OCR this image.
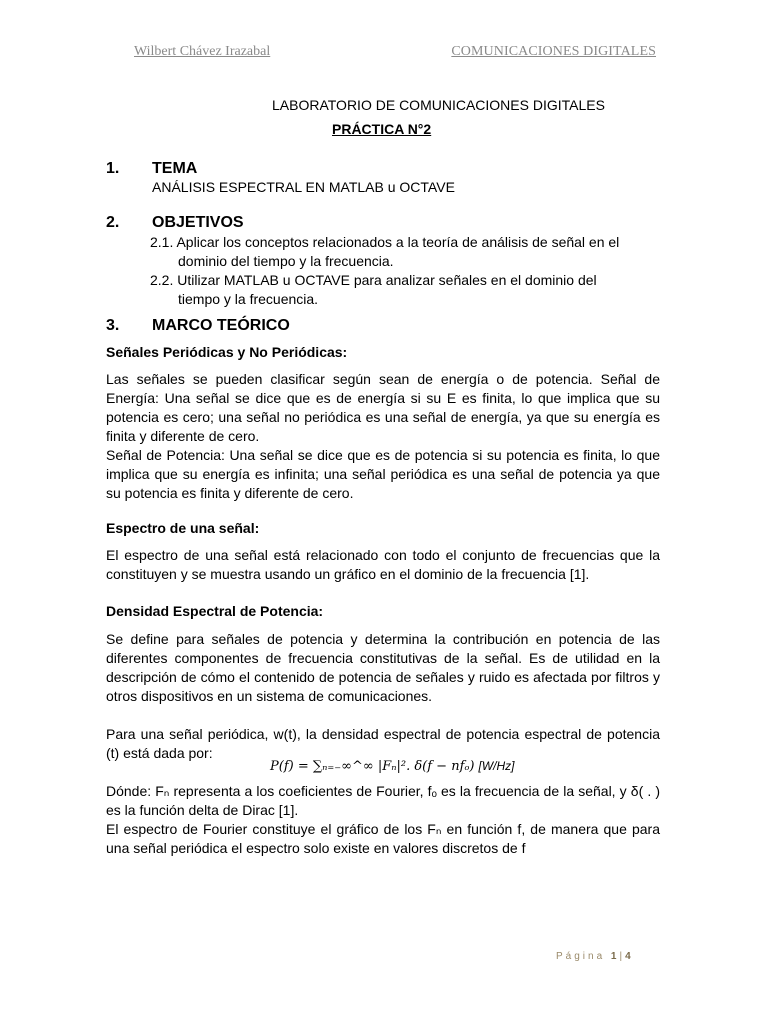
Wilbert Chávez Irazabal	COMUNICACIONES DIGITALES
LABORATORIO DE COMUNICACIONES DIGITALES
PRÁCTICA N°2
1. TEMA
ANÁLISIS ESPECTRAL EN MATLAB u OCTAVE
2. OBJETIVOS
2.1. Aplicar los conceptos relacionados a la teoría de análisis de señal en el
dominio del tiempo y la frecuencia.
2.2. Utilizar MATLAB u OCTAVE para analizar señales en el dominio del
tiempo y la frecuencia.
3. MARCO TEÓRICO
Señales Periódicas y No Periódicas:
Las señales se pueden clasificar según sean de energía o de potencia. Señal de Energía: Una señal se dice que es de energía si su E es finita, lo que implica que su potencia es cero; una señal no periódica es una señal de energía, ya que su energía es finita y diferente de cero.
Señal de Potencia: Una señal se dice que es de potencia si su potencia es finita, lo que implica que su energía es infinita; una señal periódica es una señal de potencia ya que su potencia es finita y diferente de cero.
Espectro de una señal:
El espectro de una señal está relacionado con todo el conjunto de frecuencias que la constituyen y se muestra usando un gráfico en el dominio de la frecuencia [1].
Densidad Espectral de Potencia:
Se define para señales de potencia y determina la contribución en potencia de las diferentes componentes de frecuencia constitutivas de la señal. Es de utilidad en la descripción de cómo el contenido de potencia de señales y ruido es afectada por filtros y otros dispositivos en un sistema de comunicaciones.
Para una señal periódica, w(t), la densidad espectral de potencia espectral de potencia (t) está dada por:
P(f) = ∑ₙ₌₋∞^∞ |Fₙ|². δ(f − nfₒ) [W/Hz]
Dónde: Fₙ representa a los coeficientes de Fourier, fₒ es la frecuencia de la señal, y δ( . ) es la función delta de Dirac [1].
El espectro de Fourier constituye el gráfico de los Fₙ en función f, de manera que para una señal periódica el espectro solo existe en valores discretos de f
Página 1|4
